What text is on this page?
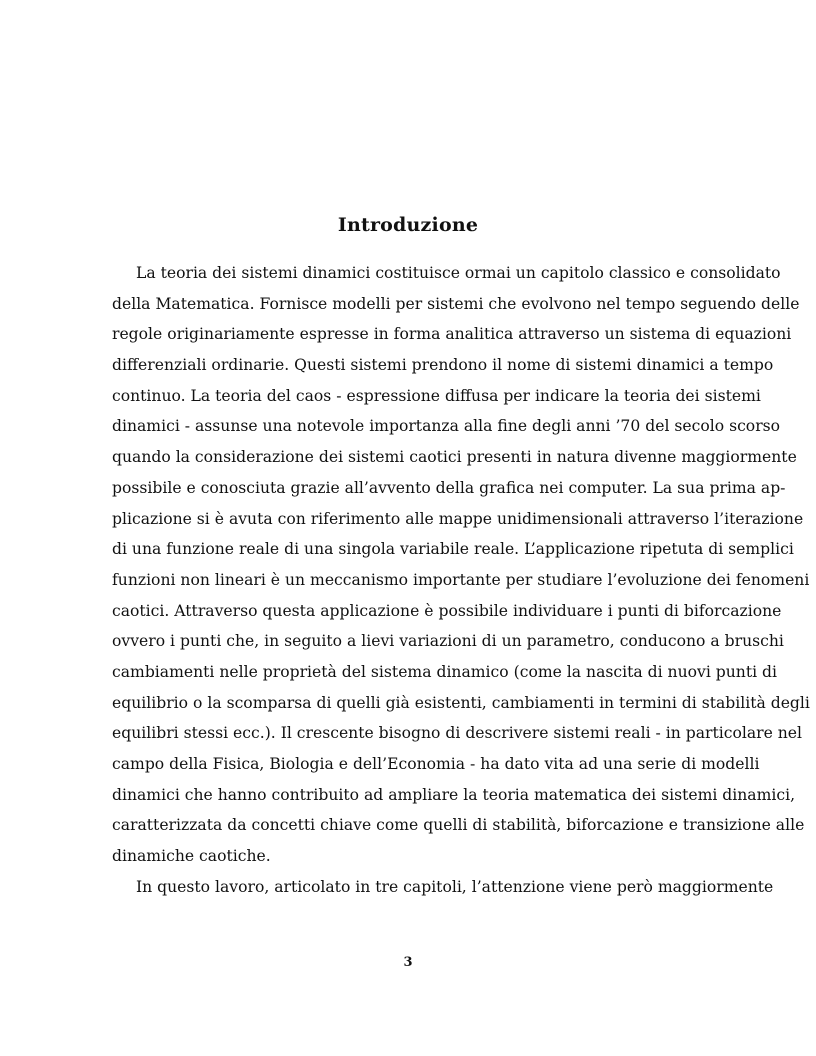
Introduzione
La teoria dei sistemi dinamici costituisce ormai un capitolo classico e consolidato
della Matematica. Fornisce modelli per sistemi che evolvono nel tempo seguendo delle
regole originariamente espresse in forma analitica attraverso un sistema di equazioni
differenziali ordinarie. Questi sistemi prendono il nome di sistemi dinamici a tempo
continuo. La teoria del caos - espressione diffusa per indicare la teoria dei sistemi
dinamici - assunse una notevole importanza alla fine degli anni ’70 del secolo scorso
quando la considerazione dei sistemi caotici presenti in natura divenne maggiormente
possibile e conosciuta grazie all’avvento della grafica nei computer. La sua prima ap-
plicazione si è avuta con riferimento alle mappe unidimensionali attraverso l’iterazione
di una funzione reale di una singola variabile reale. L’applicazione ripetuta di semplici
funzioni non lineari è un meccanismo importante per studiare l’evoluzione dei fenomeni
caotici. Attraverso questa applicazione è possibile individuare i punti di biforcazione
ovvero i punti che, in seguito a lievi variazioni di un parametro, conducono a bruschi
cambiamenti nelle proprietà del sistema dinamico (come la nascita di nuovi punti di
equilibrio o la scomparsa di quelli già esistenti, cambiamenti in termini di stabilità degli
equilibri stessi ecc.). Il crescente bisogno di descrivere sistemi reali - in particolare nel
campo della Fisica, Biologia e dell’Economia - ha dato vita ad una serie di modelli
dinamici che hanno contribuito ad ampliare la teoria matematica dei sistemi dinamici,
caratterizzata da concetti chiave come quelli di stabilità, biforcazione e transizione alle
dinamiche caotiche.
In questo lavoro, articolato in tre capitoli, l’attenzione viene però maggiormente
3
